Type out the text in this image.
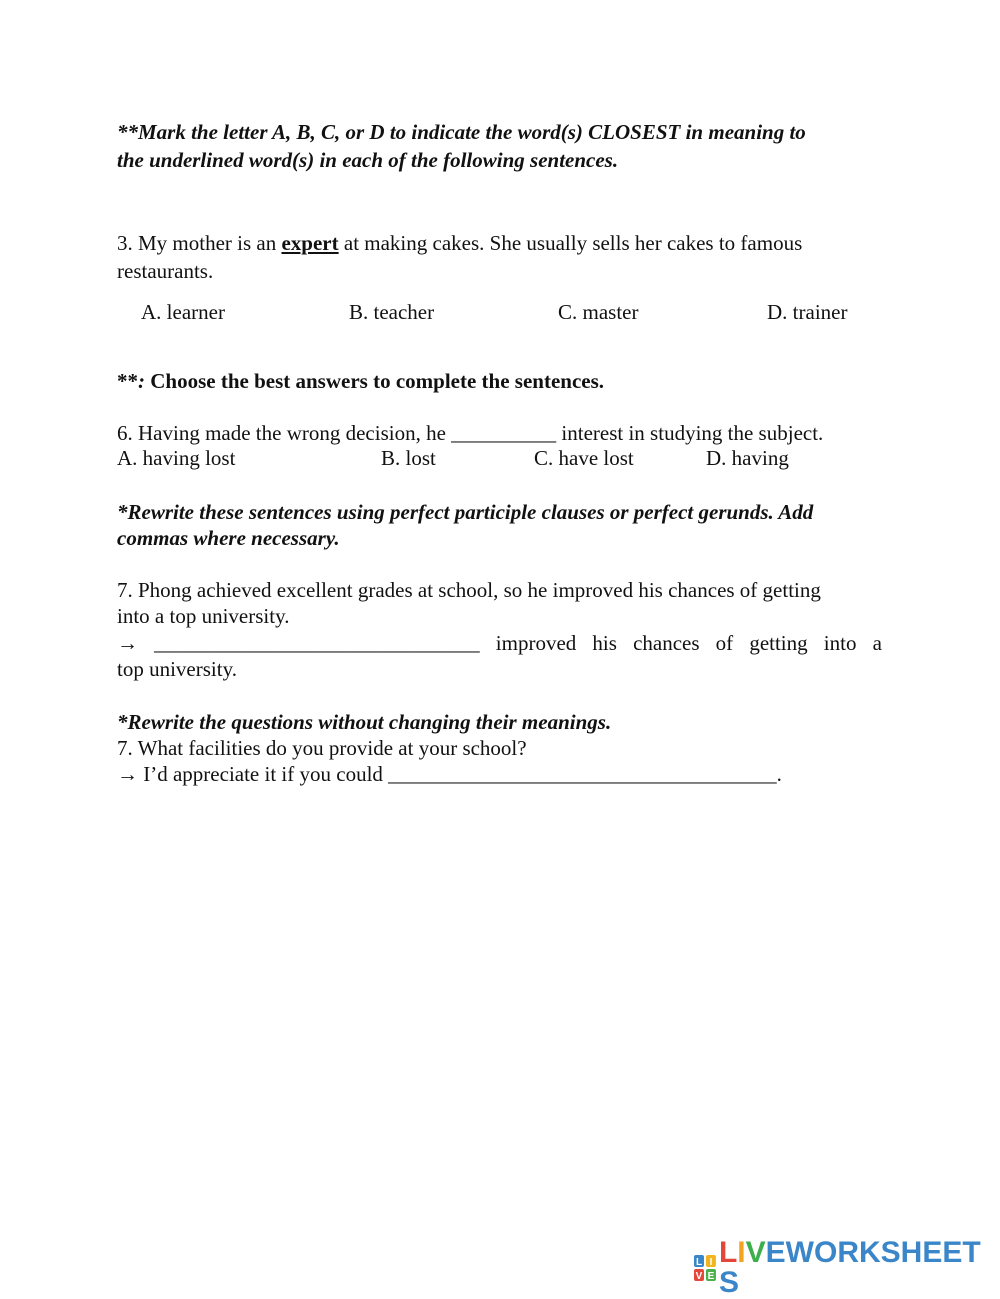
**Mark the letter A, B, C, or D to indicate the word(s) CLOSEST in meaning to
the underlined word(s) in each of the following sentences.
3. My mother is an expert at making cakes. She usually sells her cakes to famous
restaurants.
A. learner	B. teacher	C. master	D. trainer
**: Choose the best answers to complete the sentences.
6. Having made the wrong decision, he __________ interest in studying the subject.
A. having lost	B. lost	C. have lost	D. having
*Rewrite these sentences using perfect participle clauses or perfect gerunds. Add
commas where necessary.
7. Phong achieved excellent grades at school, so he improved his chances of getting
into a top university.
→ _______________________________ improved his chances of getting into a
top university.
*Rewrite the questions without changing their meanings.
7. What facilities do you provide at your school?
→ I’d appreciate it if you could _____________________________________.
L I
V E
LIVEWORKSHEETS
